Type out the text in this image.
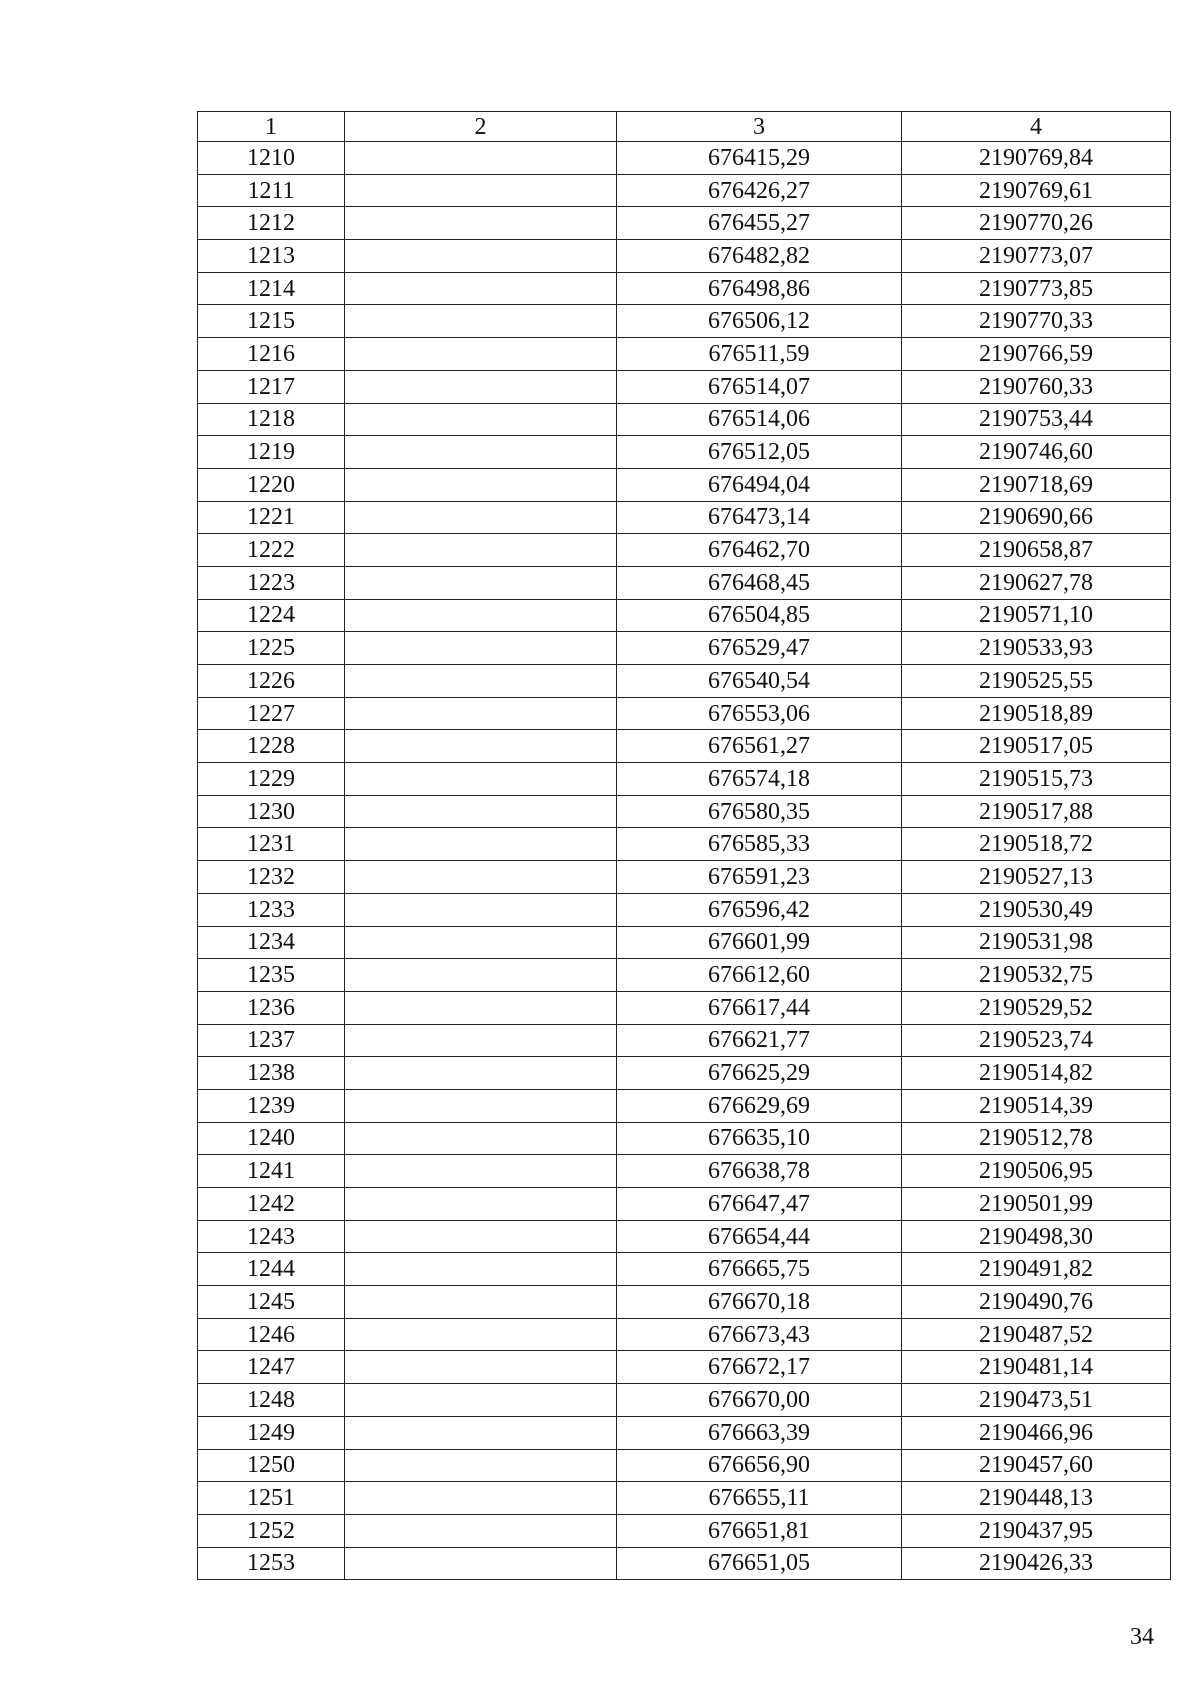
1	2	3	4
1210		676415,29	2190769,84
1211		676426,27	2190769,61
1212		676455,27	2190770,26
1213		676482,82	2190773,07
1214		676498,86	2190773,85
1215		676506,12	2190770,33
1216		676511,59	2190766,59
1217		676514,07	2190760,33
1218		676514,06	2190753,44
1219		676512,05	2190746,60
1220		676494,04	2190718,69
1221		676473,14	2190690,66
1222		676462,70	2190658,87
1223		676468,45	2190627,78
1224		676504,85	2190571,10
1225		676529,47	2190533,93
1226		676540,54	2190525,55
1227		676553,06	2190518,89
1228		676561,27	2190517,05
1229		676574,18	2190515,73
1230		676580,35	2190517,88
1231		676585,33	2190518,72
1232		676591,23	2190527,13
1233		676596,42	2190530,49
1234		676601,99	2190531,98
1235		676612,60	2190532,75
1236		676617,44	2190529,52
1237		676621,77	2190523,74
1238		676625,29	2190514,82
1239		676629,69	2190514,39
1240		676635,10	2190512,78
1241		676638,78	2190506,95
1242		676647,47	2190501,99
1243		676654,44	2190498,30
1244		676665,75	2190491,82
1245		676670,18	2190490,76
1246		676673,43	2190487,52
1247		676672,17	2190481,14
1248		676670,00	2190473,51
1249		676663,39	2190466,96
1250		676656,90	2190457,60
1251		676655,11	2190448,13
1252		676651,81	2190437,95
1253		676651,05	2190426,33
34
